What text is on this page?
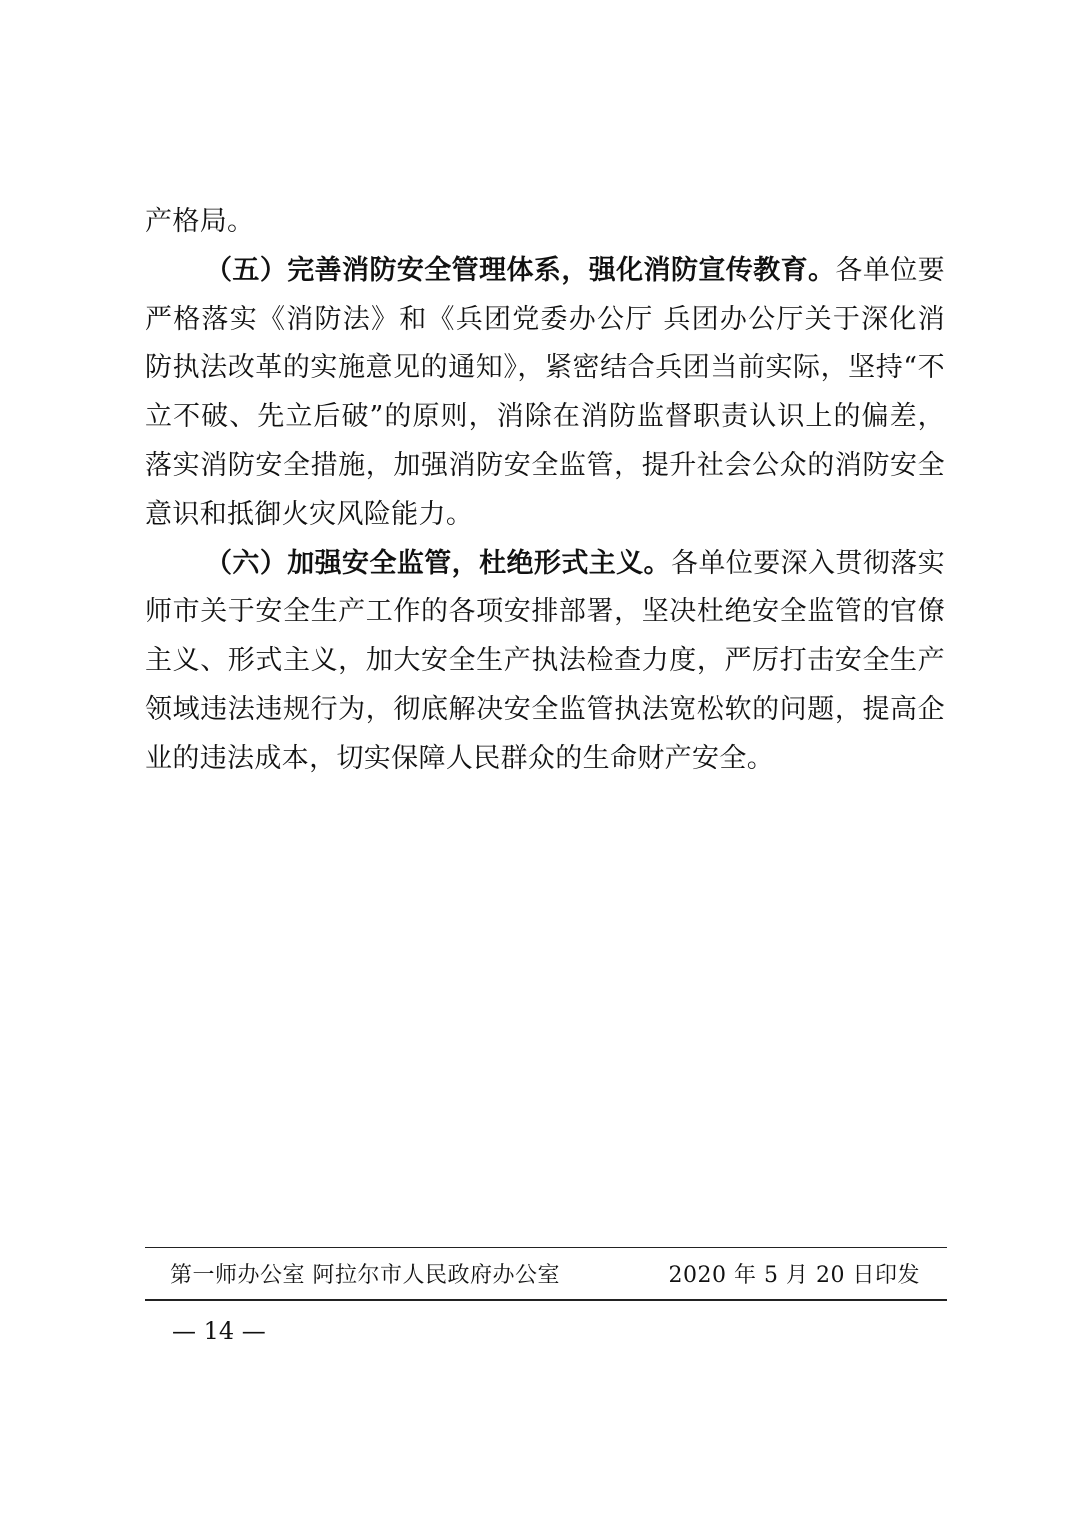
产格局。

（五）完善消防安全管理体系，强化消防宣传教育。各单位要严格落实《消防法》和《兵团党委办公厅 兵团办公厅关于深化消防执法改革的实施意见的通知》，紧密结合兵团当前实际，坚持“不立不破、先立后破”的原则，消除在消防监督职责认识上的偏差，落实消防安全措施，加强消防安全监管，提升社会公众的消防安全意识和抵御火灾风险能力。

（六）加强安全监管，杜绝形式主义。各单位要深入贯彻落实师市关于安全生产工作的各项安排部署，坚决杜绝安全监管的官僚主义、形式主义，加大安全生产执法检查力度，严厉打击安全生产领域违法违规行为，彻底解决安全监管执法宽松软的问题，提高企业的违法成本，切实保障人民群众的生命财产安全。

第一师办公室 阿拉尔市人民政府办公室	2020 年 5 月 20 日印发
— 14 —
